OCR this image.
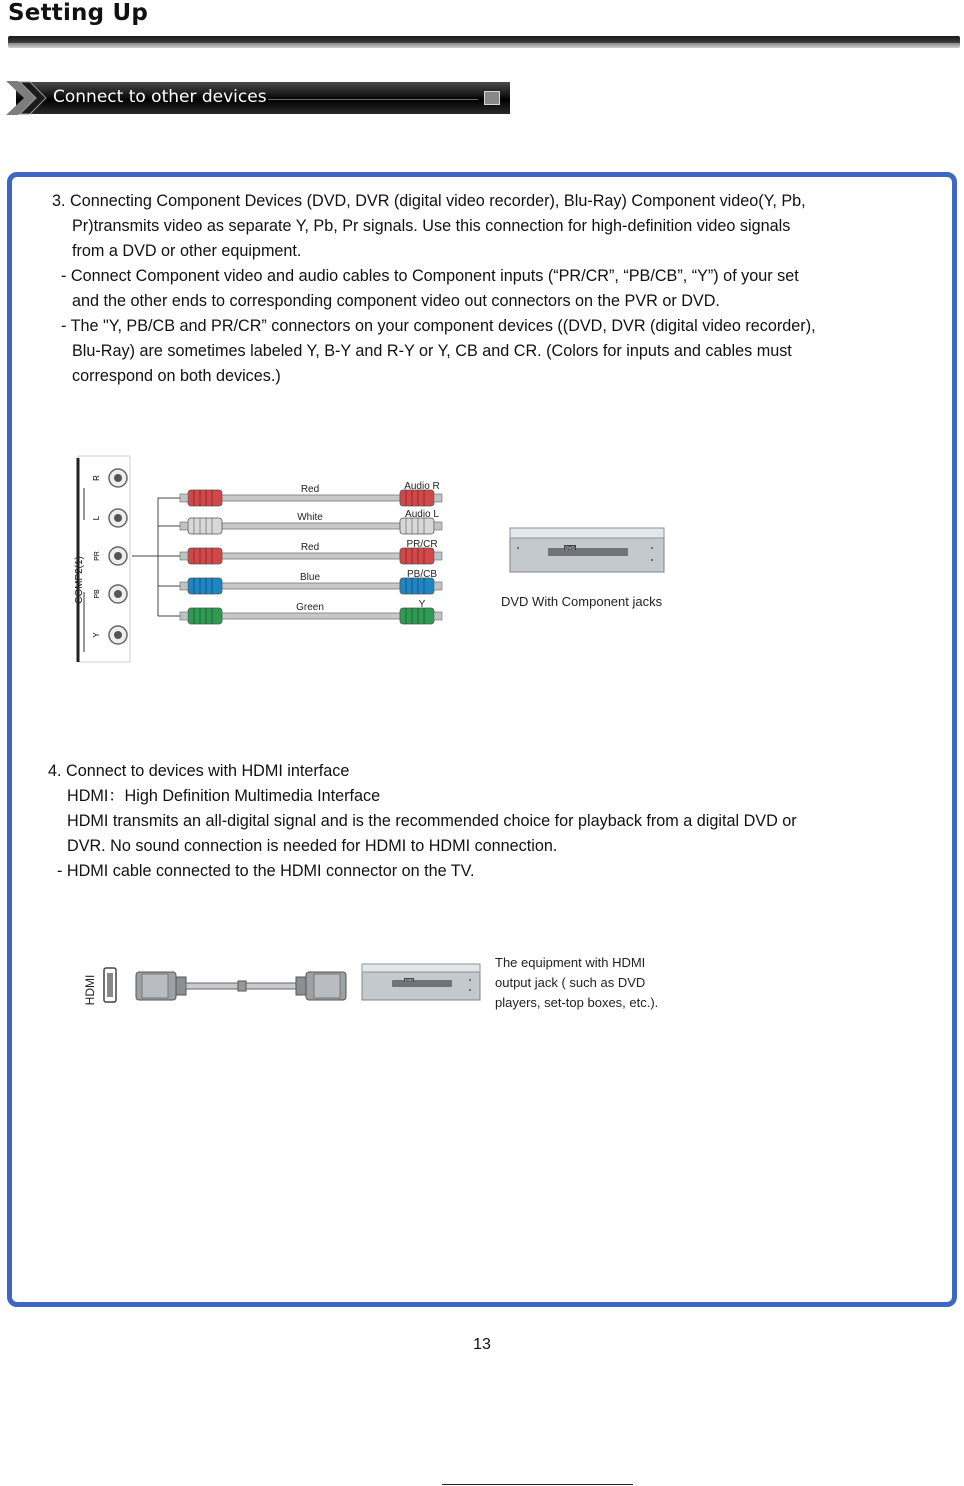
Setting Up
Connect to other devices

3. Connecting Component Devices (DVD, DVR (digital video recorder), Blu-Ray) Component video(Y, Pb,

Pr)transmits video as separate Y, Pb, Pr signals. Use this connection for high-definition video signals

from a DVD or other equipment.

- Connect Component video and audio cables to Component inputs (“PR/CR”, “PB/CB”, “Y”) of your set

and the other ends to corresponding component video out connectors on the PVR or DVD.

- The "Y, PB/CB and PR/CR” connectors on your component devices ((DVD, DVR (digital video recorder),

Blu-Ray) are sometimes labeled Y, B-Y and R-Y or Y, CB and CR. (Colors for inputs and cables must

correspond on both devices.)

COMP2(1)
R
L
PR
PB
Y
Red	Audio R
White	Audio L
Red	PR/CR
Blue	PB/CB
Green	Y
DVD
DVD With Component jacks

4. Connect to devices with HDMI interface

HDMI：High Definition Multimedia Interface

HDMI transmits an all-digital signal and is the recommended choice for playback from a digital DVD or

DVR. No sound connection is needed for HDMI to HDMI connection.

- HDMI cable connected to the HDMI connector on the TV.

HDMI	DVD
The equipment with HDMI
output jack ( such as DVD
players, set-top boxes, etc.).
13
